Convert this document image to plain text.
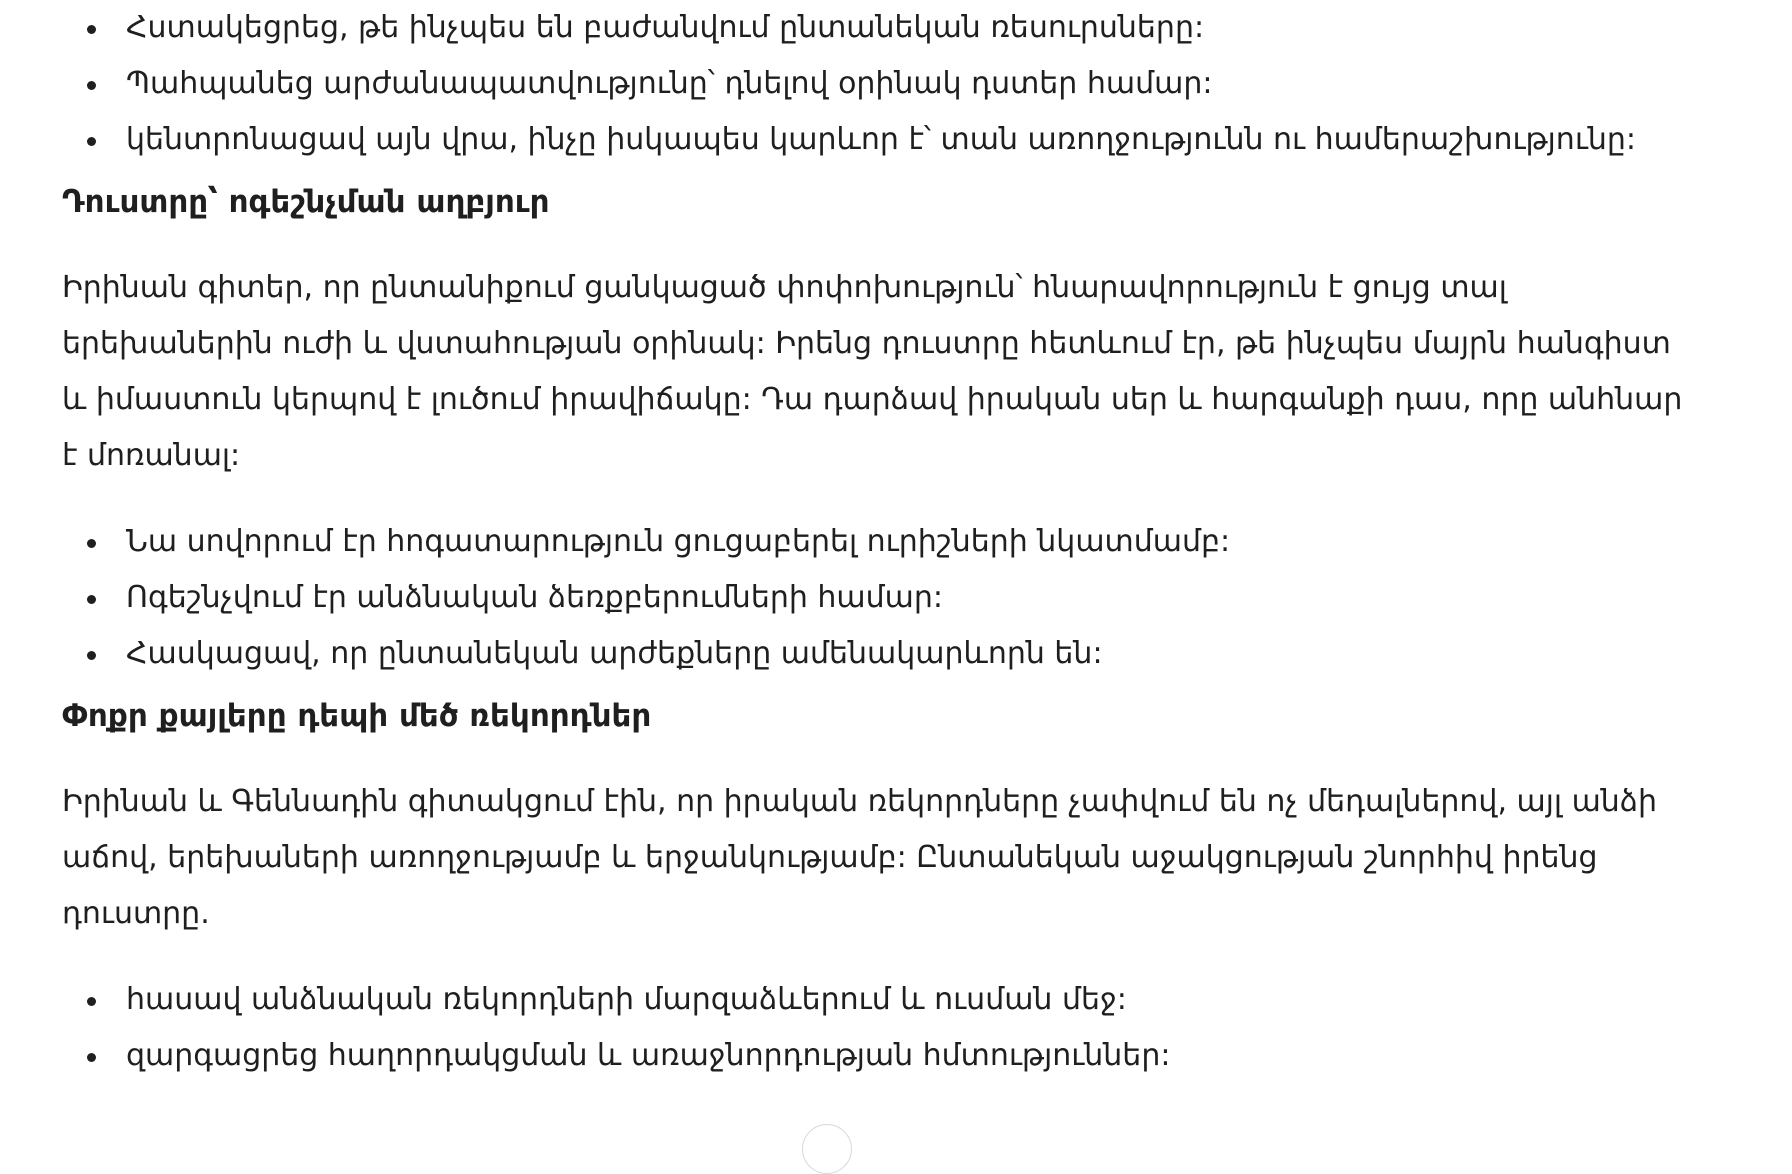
Հստակեցրեց, թե ինչպես են բաժանվում ընտանեկան ռեսուրսները:
Պահպանեց արժանապատվությունը՝ դնելով օրինակ դստեր համար:
կենտրոնացավ այն վրա, ինչը իսկապես կարևոր է՝ տան առողջությունն ու համերաշխությունը:
Դուստրը՝ ոգեշնչման աղբյուր

Իրինան գիտեր, որ ընտանիքում ցանկացած փոփոխություն՝ հնարավորություն է ցույց տալ
երեխաներին ուժի և վստահության օրինակ: Իրենց դուստրը հետևում էր, թե ինչպես մայրն հանգիստ
և իմաստուն կերպով է լուծում իրավիճակը: Դա դարձավ իրական սեր և հարգանքի դաս, որը անհնար
է մոռանալ:

Նա սովորում էր հոգատարություն ցուցաբերել ուրիշների նկատմամբ:
Ոգեշնչվում էր անձնական ձեռքբերումների համար:
Հասկացավ, որ ընտանեկան արժեքները ամենակարևորն են:
Փոքր քայլերը դեպի մեծ ռեկորդներ

Իրինան և Գեննադին գիտակցում էին, որ իրական ռեկորդները չափվում են ոչ մեդալներով, այլ անձի
աճով, երեխաների առողջությամբ և երջանկությամբ: Ընտանեկան աջակցության շնորհիվ իրենց
դուստրը.

հասավ անձնական ռեկորդների մարզաձևերում և ուսման մեջ:
զարգացրեց հաղորդակցման և առաջնորդության հմտություններ:
